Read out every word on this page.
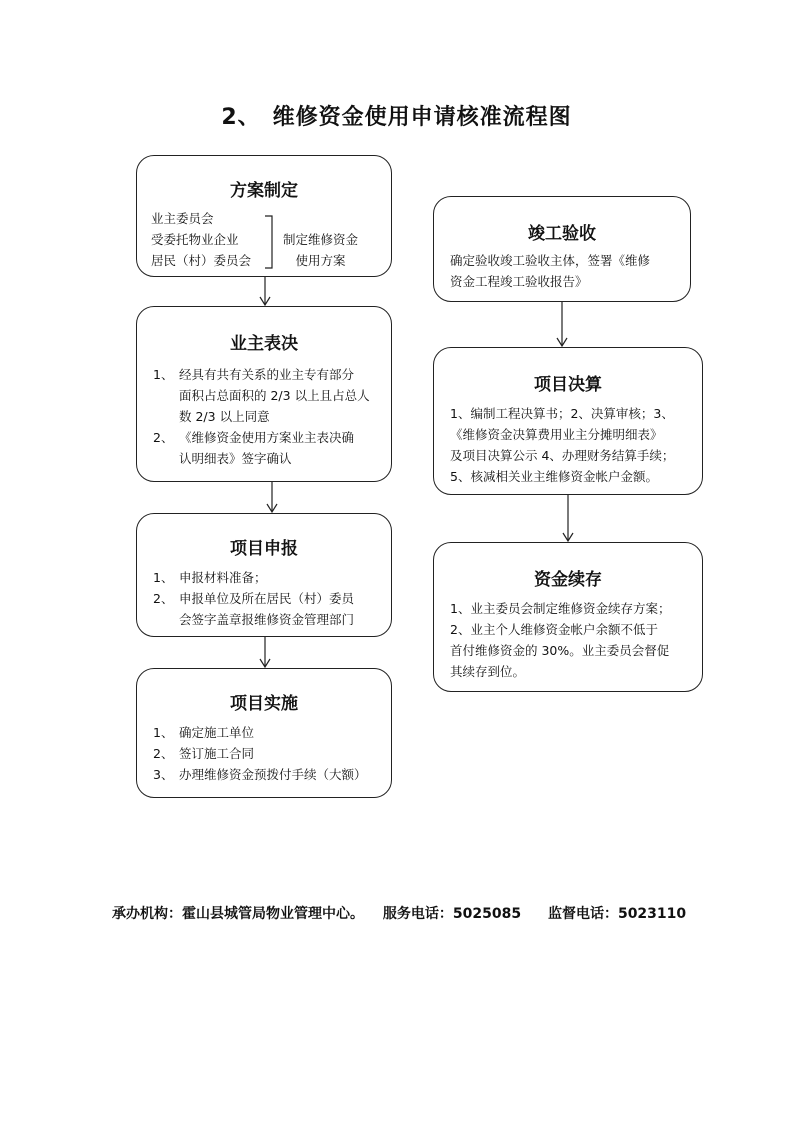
2、　维修资金使用申请核准流程图
方案制定
业主委员会
受委托物业企业
居民（村）委员会
制定维修资金
使用方案
业主表决
1、 经具有共有关系的业主专有部分
面积占总面积的 2/3 以上且占总人
数 2/3 以上同意
2、 《维修资金使用方案业主表决确
认明细表》签字确认
项目申报
1、 申报材料准备；
2、 申报单位及所在居民（村）委员
会签字盖章报维修资金管理部门
项目实施
1、 确定施工单位
2、 签订施工合同
3、 办理维修资金预拨付手续（大额）
竣工验收
确定验收竣工验收主体，签署《维修
资金工程竣工验收报告》
项目决算
1、编制工程决算书；2、决算审核；3、
《维修资金决算费用业主分摊明细表》
及项目决算公示 4、办理财务结算手续；
5、核减相关业主维修资金帐户金额。
资金续存
1、业主委员会制定维修资金续存方案；
2、业主个人维修资金帐户余额不低于
首付维修资金的 30%。业主委员会督促
其续存到位。
承办机构：霍山县城管局物业管理中心。 服务电话：5025085 监督电话：5023110
